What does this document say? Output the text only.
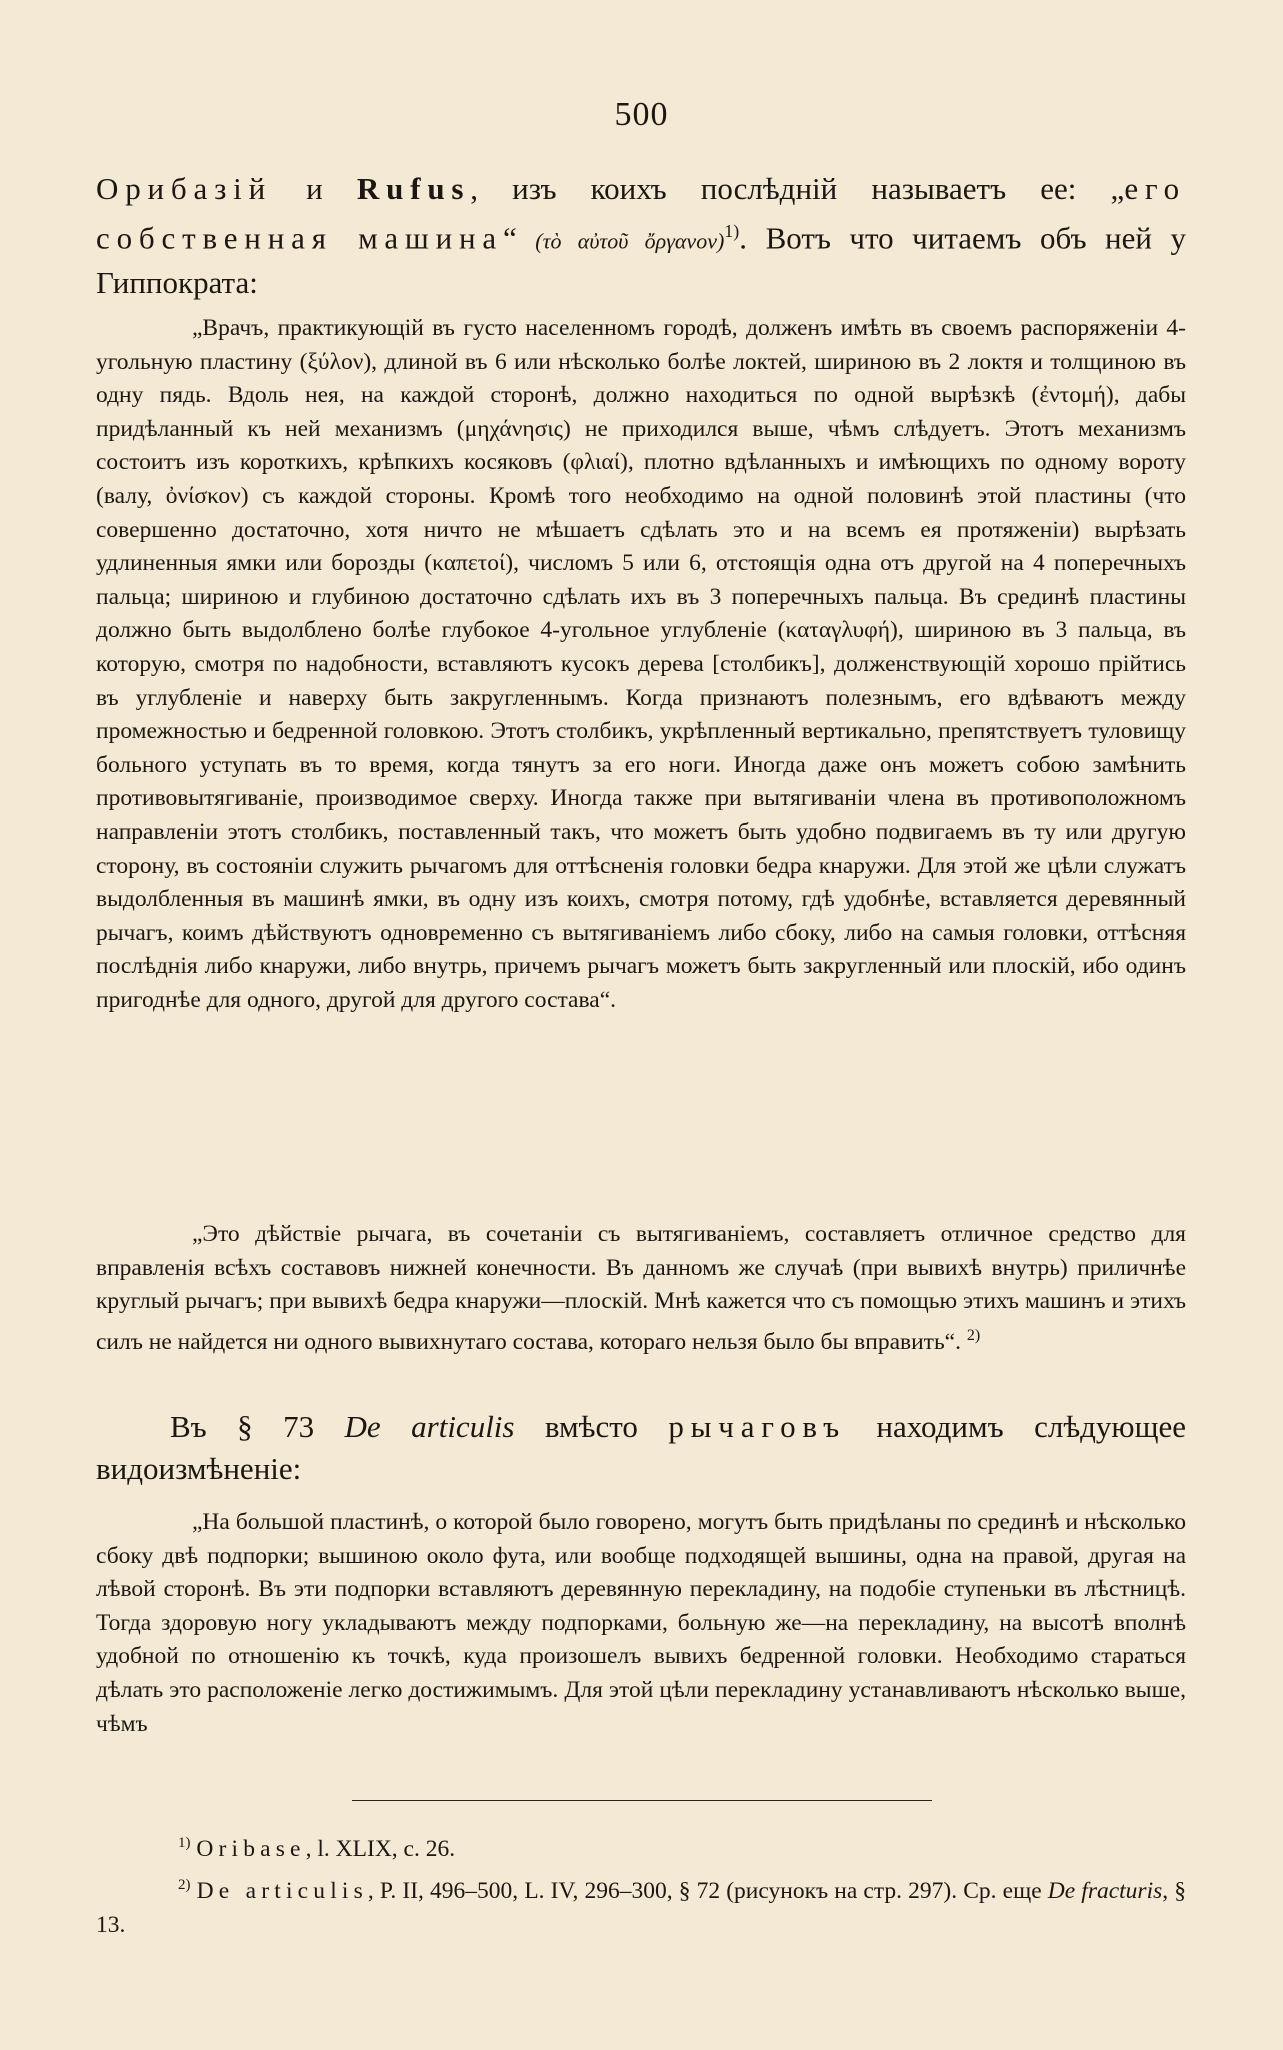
500

Орибазій и Rufus, изъ коихъ послѣдній называетъ ее: „его собственная машина“ (τὸ αὐτοῦ ὄργανον)$^{1)}$. Вотъ что читаемъ объ ней у Гиппократа:

„Врачъ, практикующій въ густо населенномъ городѣ, долженъ имѣть въ своемъ распоряженіи 4-угольную пластину (ξύλον), длиной въ 6 или нѣсколько болѣе локтей, шириною въ 2 локтя и толщиною въ одну пядь. Вдоль нея, на каждой сторонѣ, должно находиться по одной вырѣзкѣ (ἐντομή), дабы придѣланный къ ней механизмъ (μηχάνησις) не приходился выше, чѣмъ слѣдуетъ. Этотъ механизмъ состоитъ изъ короткихъ, крѣпкихъ косяковъ (φλιαί), плотно вдѣланныхъ и имѣющихъ по одному вороту (валу, ὀνίσκον) съ каждой стороны. Кромѣ того необходимо на одной половинѣ этой пластины (что совершенно достаточно, хотя ничто не мѣшаетъ сдѣлать это и на всемъ ея протяженіи) вырѣзать удлиненныя ямки или борозды (καπετοί), числомъ 5 или 6, отстоящія одна отъ другой на 4 поперечныхъ пальца; шириною и глубиною достаточно сдѣлать ихъ въ 3 поперечныхъ пальца. Въ срединѣ пластины должно быть выдолблено болѣе глубокое 4-угольное углубленіе (καταγλυφή), шириною въ 3 пальца, въ которую, смотря по надобности, вставляютъ кусокъ дерева [столбикъ], долженствующій хорошо прійтись въ углубленіе и наверху быть закругленнымъ. Когда признаютъ полезнымъ, его вдѣваютъ между промежностью и бедренной головкою. Этотъ столбикъ, укрѣпленный вертикально, препятствуетъ туловищу больного уступать въ то время, когда тянутъ за его ноги. Иногда даже онъ можетъ собою замѣнить противовытягиваніе, производимое сверху. Иногда также при вытягиваніи члена въ противоположномъ направленіи этотъ столбикъ, поставленный такъ, что можетъ быть удобно подвигаемъ въ ту или другую сторону, въ состояніи служить рычагомъ для оттѣсненія головки бедра кнаружи. Для этой же цѣли служатъ выдолбленныя въ машинѣ ямки, въ одну изъ коихъ, смотря потому, гдѣ удобнѣе, вставляется деревянный рычагъ, коимъ дѣйствуютъ одновременно съ вытягиваніемъ либо сбоку, либо на самыя головки, оттѣсняя послѣднія либо кнаружи, либо внутрь, причемъ рычагъ можетъ быть закругленный или плоскій, ибо одинъ пригоднѣе для одного, другой для другого состава“.

„Это дѣйствіе рычага, въ сочетаніи съ вытягиваніемъ, составляетъ отличное средство для вправленія всѣхъ составовъ нижней конечности. Въ данномъ же случаѣ (при вывихѣ внутрь) приличнѣе круглый рычагъ; при вывихѣ бедра кнаружи—плоскій. Мнѣ кажется что съ помощью этихъ машинъ и этихъ силъ не найдется ни одного вывихнутаго состава, котораго нельзя было бы вправить“. $^{2)}$

Въ § 73 De articulis вмѣсто рычаговъ находимъ слѣдующее видоизмѣненіе:

„На большой пластинѣ, о которой было говорено, могутъ быть придѣланы по срединѣ и нѣсколько сбоку двѣ подпорки; вышиною около фута, или вообще подходящей вышины, одна на правой, другая на лѣвой сторонѣ. Въ эти подпорки вставляютъ деревянную перекладину, на подобіе ступеньки въ лѣстницѣ. Тогда здоровую ногу укладываютъ между подпорками, больную же—на перекладину, на высотѣ вполнѣ удобной по отношенію къ точкѣ, куда произошелъ вывихъ бедренной головки. Необходимо стараться дѣлать это расположеніе легко достижимымъ. Для этой цѣли перекладину устанавливаютъ нѣсколько выше, чѣмъ

$^{1)}$ Oribase, l. XLIX, c. 26.

$^{2)}$ De articulis, P. II, 496–500, L. IV, 296–300, § 72 (рисунокъ на стр. 297). Ср. еще De fracturis, § 13.
